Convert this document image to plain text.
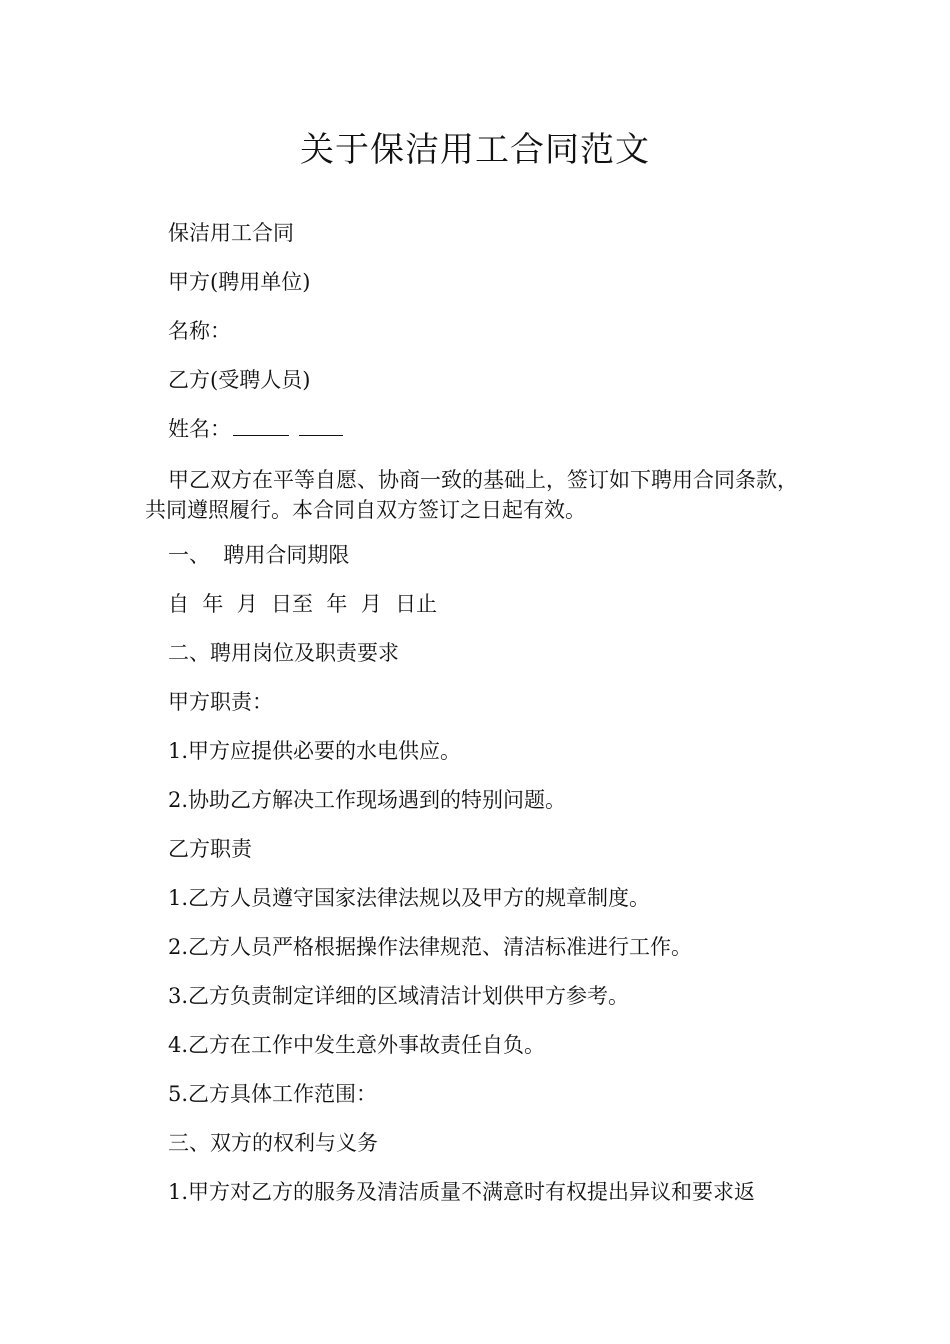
关于保洁用工合同范文

保洁用工合同

甲方(聘用单位)

名称：

乙方(受聘人员)

姓名：

甲乙双方在平等自愿、协商一致的基础上，签订如下聘用合同条款，共同遵照履行。本合同自双方签订之日起有效。

一、  聘用合同期限

自  年  月  日至  年  月  日止

二、聘用岗位及职责要求

甲方职责：

1.甲方应提供必要的水电供应。

2.协助乙方解决工作现场遇到的特别问题。

乙方职责

1.乙方人员遵守国家法律法规以及甲方的规章制度。

2.乙方人员严格根据操作法律规范、清洁标准进行工作。

3.乙方负责制定详细的区域清洁计划供甲方参考。

4.乙方在工作中发生意外事故责任自负。

5.乙方具体工作范围：

三、双方的权利与义务

1.甲方对乙方的服务及清洁质量不满意时有权提出异议和要求返
